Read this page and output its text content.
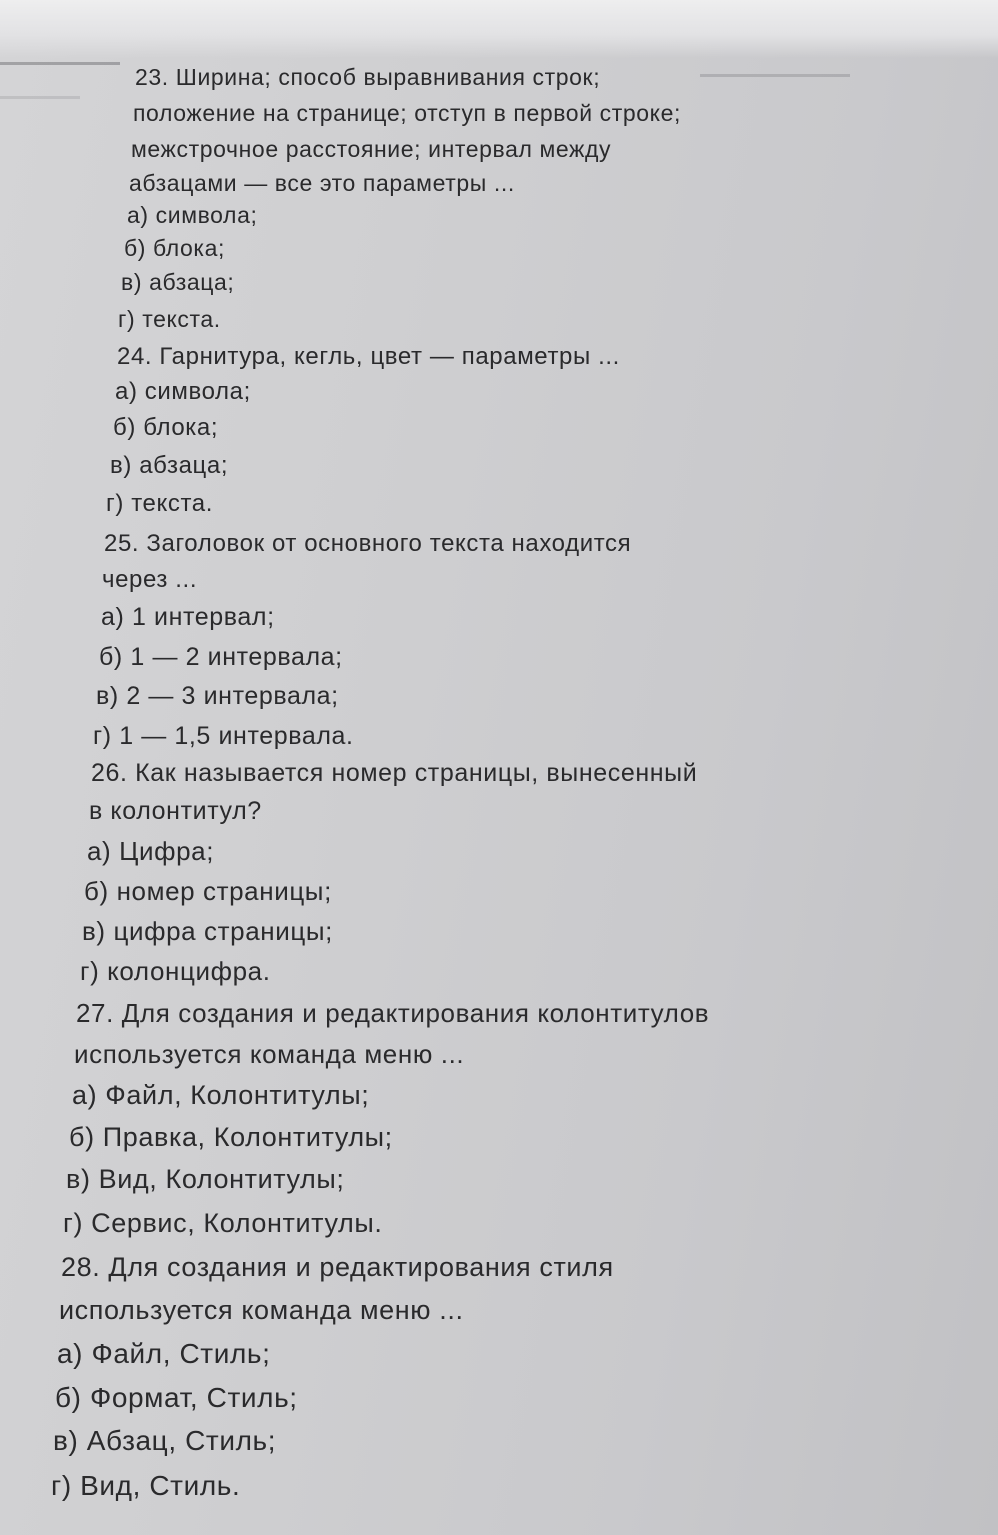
23. Ширина; способ выравнивания строк;
положение на странице; отступ в первой строке;
межстрочное расстояние; интервал между
абзацами — все это параметры ...
а) символа;
б) блока;
в) абзаца;
г) текста.
24. Гарнитура, кегль, цвет — параметры ...
а) символа;
б) блока;
в) абзаца;
г) текста.
25. Заголовок от основного текста находится
через ...
а) 1 интервал;
б) 1 — 2 интервала;
в) 2 — 3 интервала;
г) 1 — 1,5 интервала.
26. Как называется номер страницы, вынесенный
в колонтитул?
а) Цифра;
б) номер страницы;
в) цифра страницы;
г) колонцифра.
27. Для создания и редактирования колонтитулов
используется команда меню ...
а) Файл, Колонтитулы;
б) Правка, Колонтитулы;
в) Вид, Колонтитулы;
г) Сервис, Колонтитулы.
28. Для создания и редактирования стиля
используется команда меню ...
а) Файл, Стиль;
б) Формат, Стиль;
в) Абзац, Стиль;
г) Вид, Стиль.
